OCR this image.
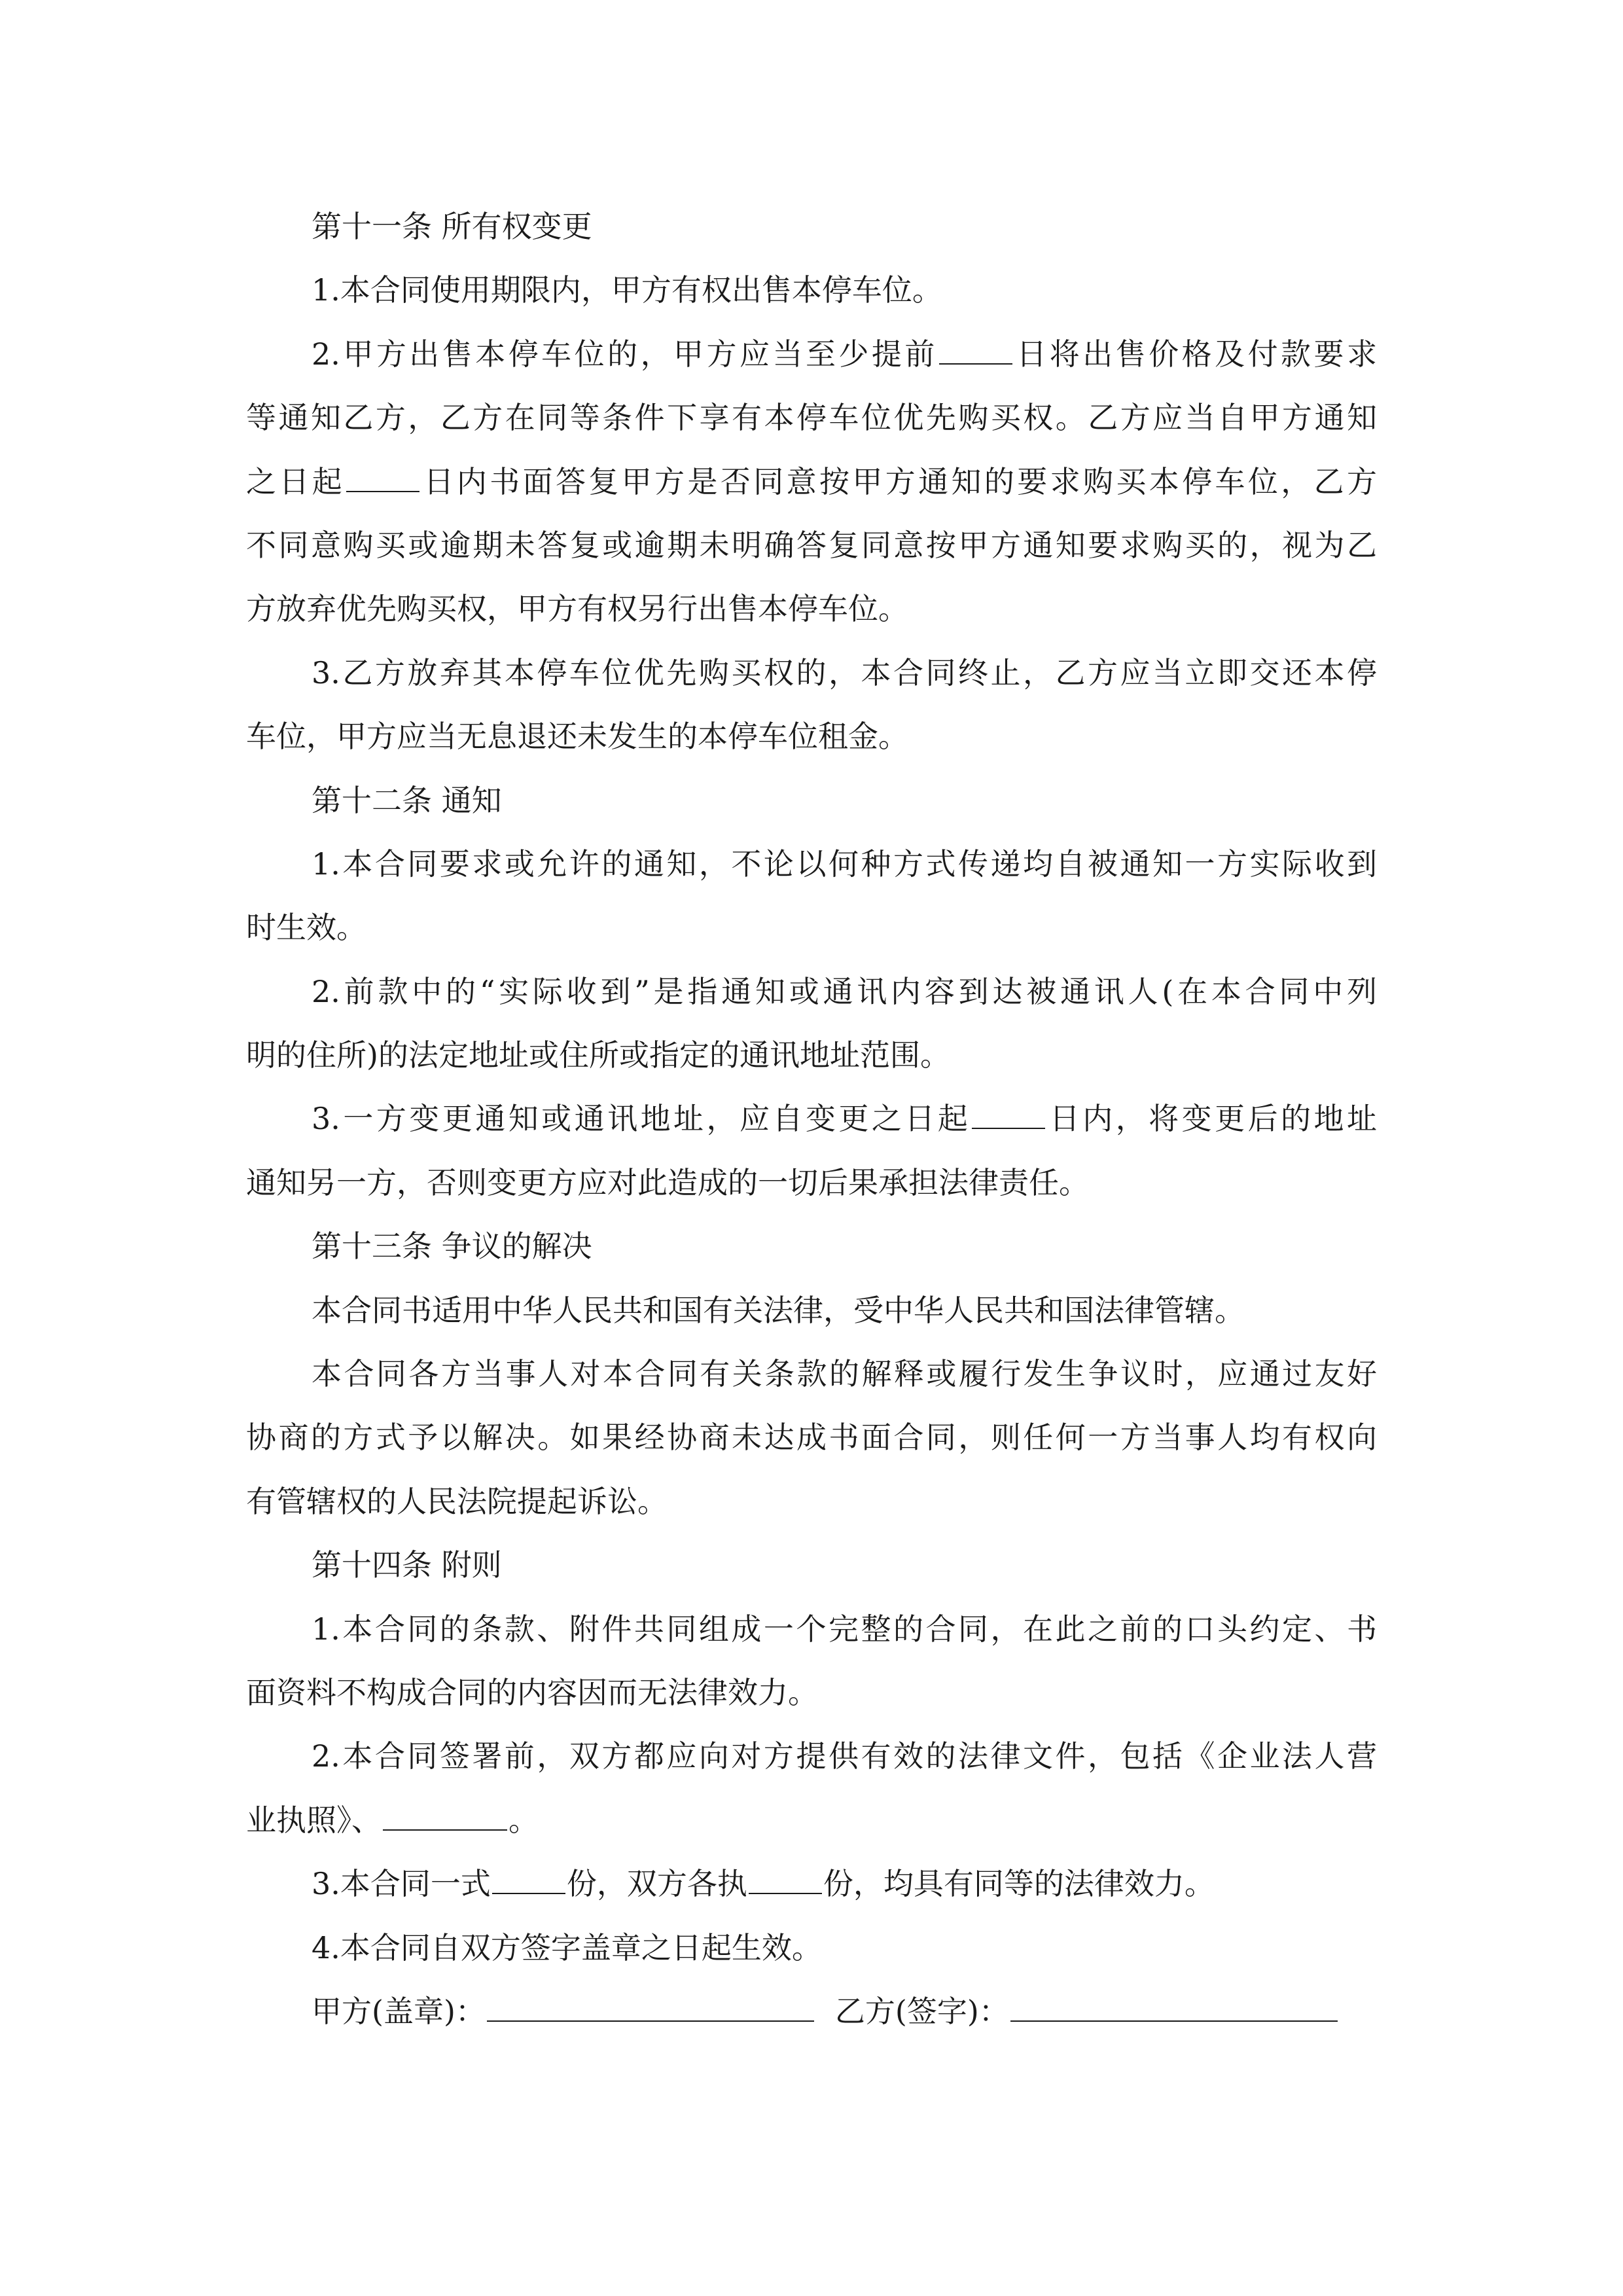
第十一条 所有权变更
1.本合同使用期限内，甲方有权出售本停车位。
2.甲方出售本停车位的，甲方应当至少提前	日将出售价格及付款要求
等通知乙方，乙方在同等条件下享有本停车位优先购买权。乙方应当自甲方通知
之日起	日内书面答复甲方是否同意按甲方通知的要求购买本停车位，乙方
不同意购买或逾期未答复或逾期未明确答复同意按甲方通知要求购买的，视为乙
方放弃优先购买权，甲方有权另行出售本停车位。
3.乙方放弃其本停车位优先购买权的，本合同终止，乙方应当立即交还本停
车位，甲方应当无息退还未发生的本停车位租金。
第十二条 通知
1.本合同要求或允许的通知，不论以何种方式传递均自被通知一方实际收到
时生效。
2.前款中的“实际收到”是指通知或通讯内容到达被通讯人(在本合同中列
明的住所)的法定地址或住所或指定的通讯地址范围。
3.一方变更通知或通讯地址，应自变更之日起	日内，将变更后的地址
通知另一方，否则变更方应对此造成的一切后果承担法律责任。
第十三条 争议的解决
本合同书适用中华人民共和国有关法律，受中华人民共和国法律管辖。
本合同各方当事人对本合同有关条款的解释或履行发生争议时，应通过友好
协商的方式予以解决。如果经协商未达成书面合同，则任何一方当事人均有权向
有管辖权的人民法院提起诉讼。
第十四条 附则
1.本合同的条款、附件共同组成一个完整的合同，在此之前的口头约定、书
面资料不构成合同的内容因而无法律效力。
2.本合同签署前，双方都应向对方提供有效的法律文件，包括《企业法人营
业执照》、	。
3.本合同一式	份，双方各执	份，均具有同等的法律效力。
4.本合同自双方签字盖章之日起生效。
甲方(盖章)：	乙方(签字)：
